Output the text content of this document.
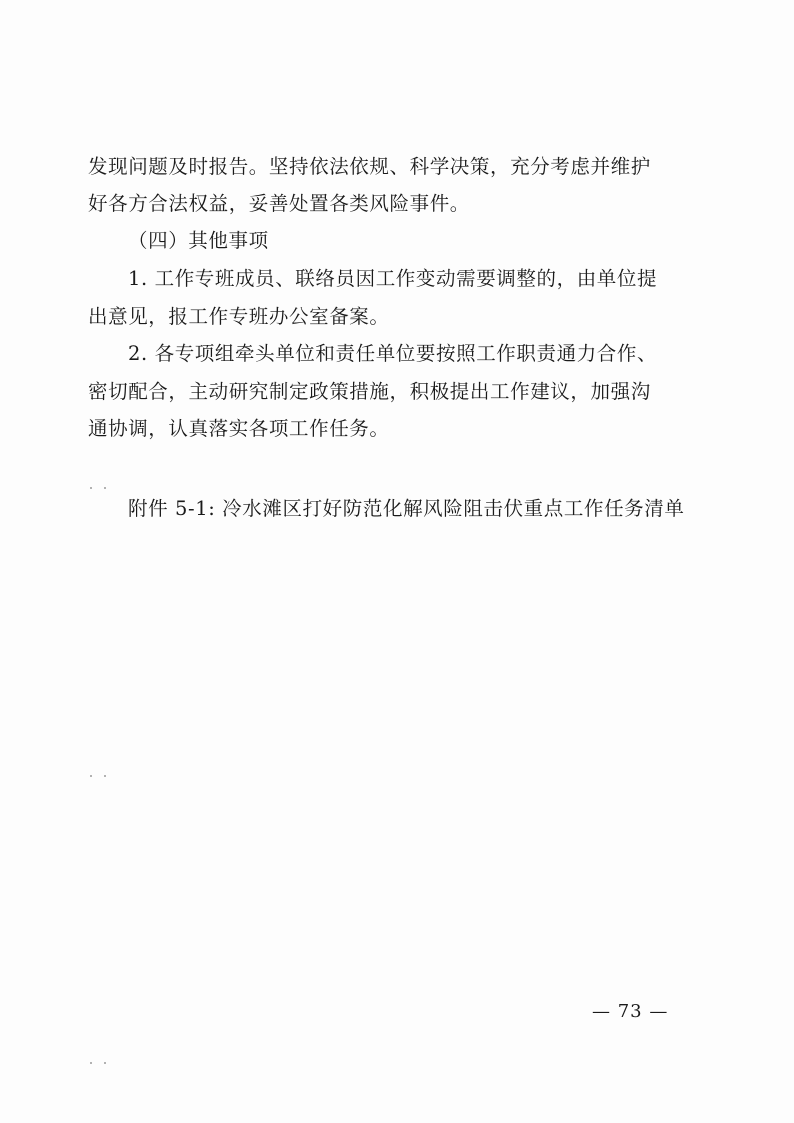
发现问题及时报告。坚持依法依规、科学决策，充分考虑并维护
好各方合法权益，妥善处置各类风险事件。
（四）其他事项
1. 工作专班成员、联络员因工作变动需要调整的，由单位提
出意见，报工作专班办公室备案。
2. 各专项组牵头单位和责任单位要按照工作职责通力合作、
密切配合，主动研究制定政策措施，积极提出工作建议，加强沟
通协调，认真落实各项工作任务。
附件 5-1: 冷水滩区打好防范化解风险阻击伏重点工作任务清单
— 73 —
